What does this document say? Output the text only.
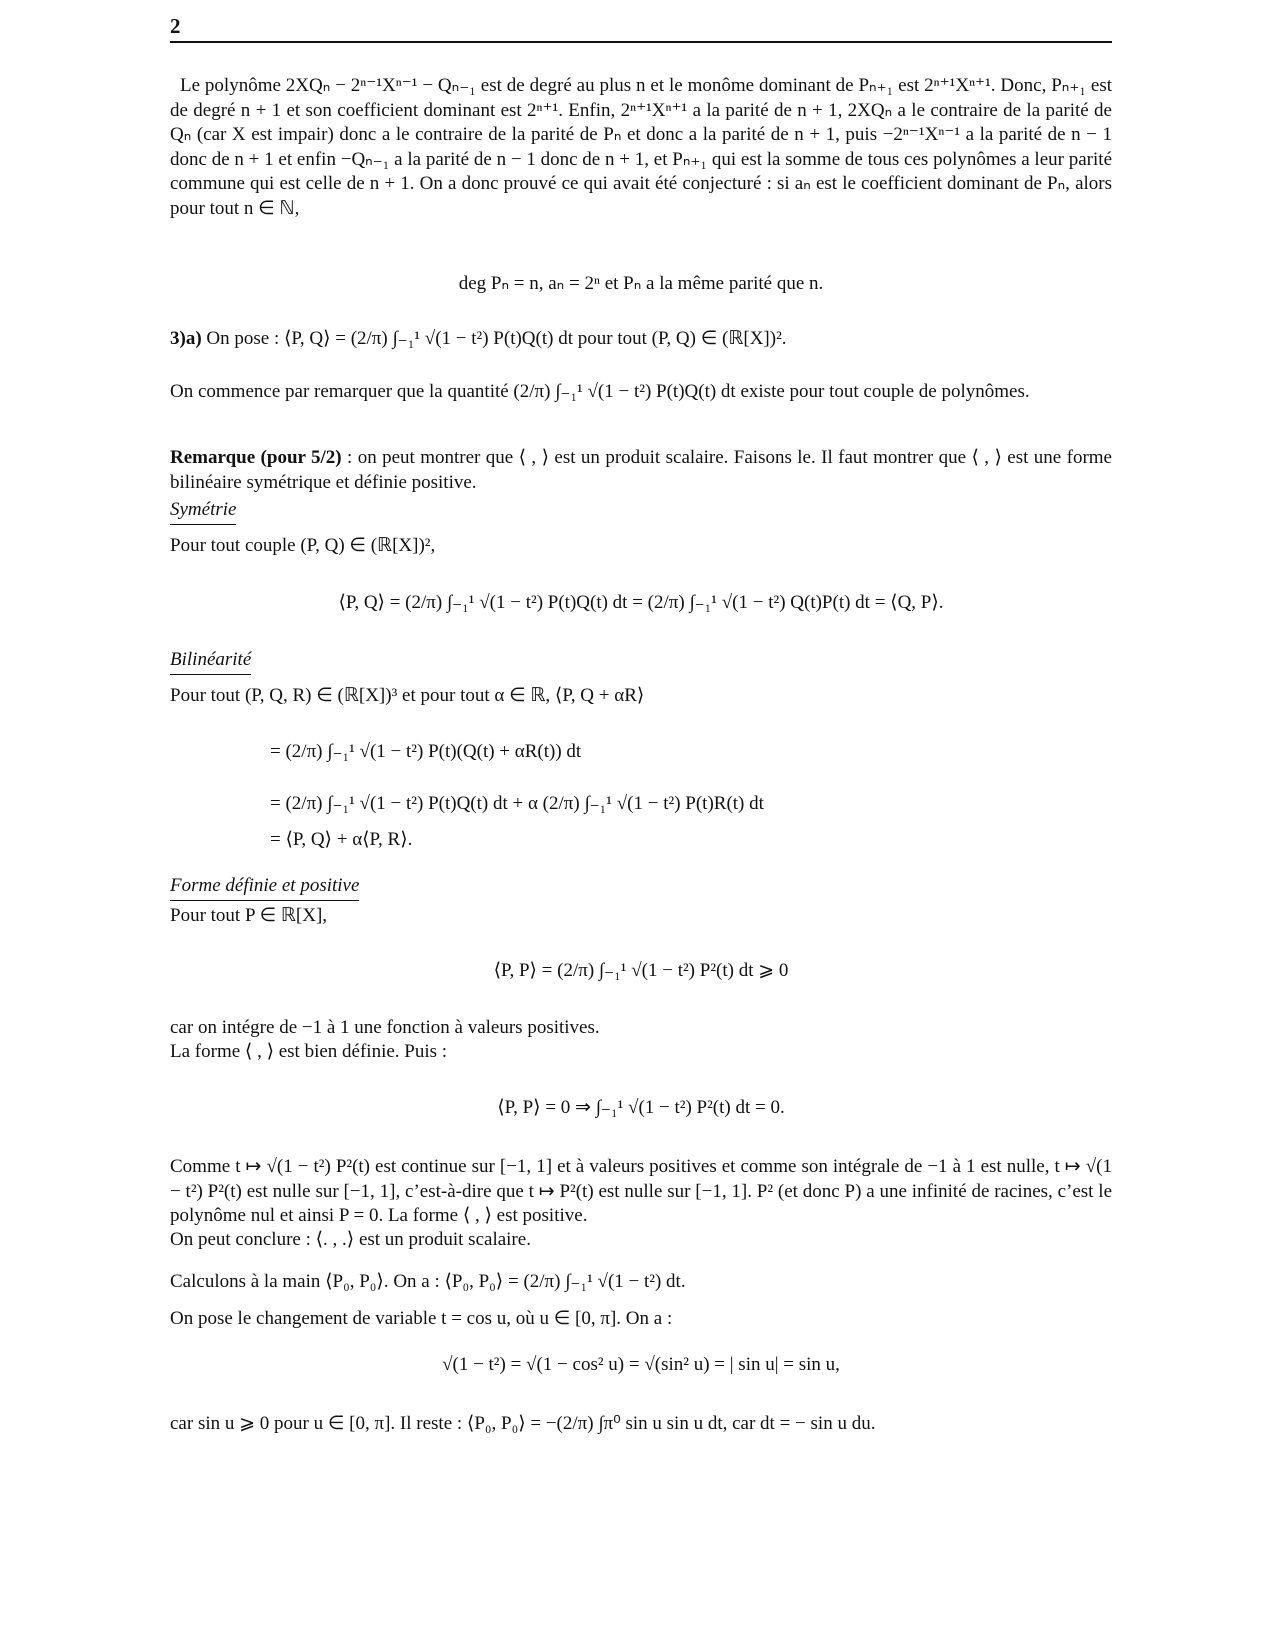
2
Le polynôme 2XQₙ − 2ⁿ⁻¹Xⁿ⁻¹ − Qₙ₋₁ est de degré au plus n et le monôme dominant de Pₙ₊₁ est 2ⁿ⁺¹Xⁿ⁺¹. Donc, Pₙ₊₁ est de degré n + 1 et son coefficient dominant est 2ⁿ⁺¹. Enfin, 2ⁿ⁺¹Xⁿ⁺¹ a la parité de n + 1, 2XQₙ a le contraire de la parité de Qₙ (car X est impair) donc a le contraire de la parité de Pₙ et donc a la parité de n + 1, puis −2ⁿ⁻¹Xⁿ⁻¹ a la parité de n − 1 donc de n + 1 et enfin −Qₙ₋₁ a la parité de n − 1 donc de n + 1, et Pₙ₊₁ qui est la somme de tous ces polynômes a leur parité commune qui est celle de n + 1. On a donc prouvé ce qui avait été conjecturé : si aₙ est le coefficient dominant de Pₙ, alors pour tout n ∈ ℕ,
deg Pₙ = n, aₙ = 2ⁿ et Pₙ a la même parité que n.
3)a) On pose : ⟨P, Q⟩ = (2/π) ∫₋₁¹ √(1 − t²) P(t)Q(t) dt pour tout (P, Q) ∈ (ℝ[X])².
On commence par remarquer que la quantité (2/π) ∫₋₁¹ √(1 − t²) P(t)Q(t) dt existe pour tout couple de polynômes.
Remarque (pour 5/2) : on peut montrer que ⟨ , ⟩ est un produit scalaire. Faisons le. Il faut montrer que ⟨ , ⟩ est une forme bilinéaire symétrique et définie positive.
Symétrie
Pour tout couple (P, Q) ∈ (ℝ[X])²,
⟨P, Q⟩ = (2/π) ∫₋₁¹ √(1 − t²) P(t)Q(t) dt = (2/π) ∫₋₁¹ √(1 − t²) Q(t)P(t) dt = ⟨Q, P⟩.
Bilinéarité
Pour tout (P, Q, R) ∈ (ℝ[X])³ et pour tout α ∈ ℝ, ⟨P, Q + αR⟩
= (2/π) ∫₋₁¹ √(1 − t²) P(t)(Q(t) + αR(t)) dt
= (2/π) ∫₋₁¹ √(1 − t²) P(t)Q(t) dt + α (2/π) ∫₋₁¹ √(1 − t²) P(t)R(t) dt
= ⟨P, Q⟩ + α⟨P, R⟩.
Forme définie et positive
Pour tout P ∈ ℝ[X],
⟨P, P⟩ = (2/π) ∫₋₁¹ √(1 − t²) P²(t) dt ⩾ 0
car on intégre de −1 à 1 une fonction à valeurs positives.
La forme ⟨ , ⟩ est bien définie. Puis :
⟨P, P⟩ = 0 ⇒ ∫₋₁¹ √(1 − t²) P²(t) dt = 0.
Comme t ↦ √(1 − t²) P²(t) est continue sur [−1, 1] et à valeurs positives et comme son intégrale de −1 à 1 est nulle, t ↦ √(1 − t²) P²(t) est nulle sur [−1, 1], c’est-à-dire que t ↦ P²(t) est nulle sur [−1, 1]. P² (et donc P) a une infinité de racines, c’est le polynôme nul et ainsi P = 0. La forme ⟨ , ⟩ est positive.
On peut conclure : ⟨. , .⟩ est un produit scalaire.
Calculons à la main ⟨P₀, P₀⟩. On a : ⟨P₀, P₀⟩ = (2/π) ∫₋₁¹ √(1 − t²) dt.
On pose le changement de variable t = cos u, où u ∈ [0, π]. On a :
√(1 − t²) = √(1 − cos² u) = √(sin² u) = | sin u| = sin u,
car sin u ⩾ 0 pour u ∈ [0, π]. Il reste : ⟨P₀, P₀⟩ = −(2/π) ∫π⁰ sin u sin u dt, car dt = − sin u du.
